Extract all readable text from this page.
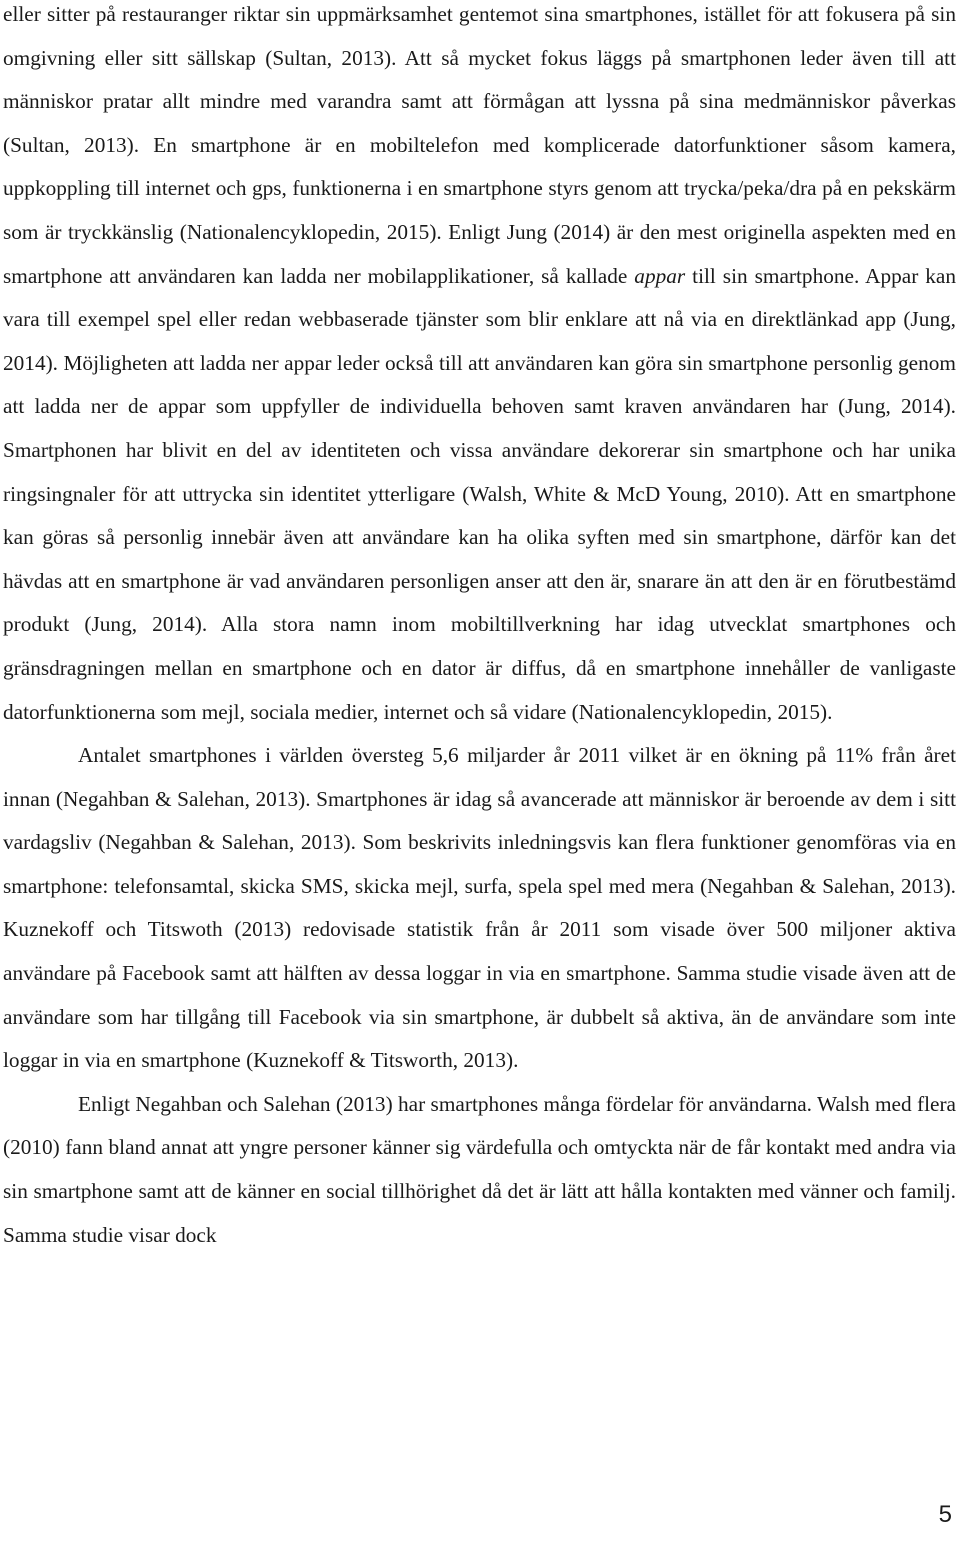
eller sitter på restauranger riktar sin uppmärksamhet gentemot sina smartphones, istället för att fokusera på sin omgivning eller sitt sällskap (Sultan, 2013). Att så mycket fokus läggs på smartphonen leder även till att människor pratar allt mindre med varandra samt att förmågan att lyssna på sina medmänniskor påverkas (Sultan, 2013). En smartphone är en mobiltelefon med komplicerade datorfunktioner såsom kamera, uppkoppling till internet och gps, funktionerna i en smartphone styrs genom att trycka/peka/dra på en pekskärm som är tryckkänslig (Nationalencyklopedin, 2015). Enligt Jung (2014) är den mest originella aspekten med en smartphone att användaren kan ladda ner mobilapplikationer, så kallade appar till sin smartphone. Appar kan vara till exempel spel eller redan webbaserade tjänster som blir enklare att nå via en direktlänkad app (Jung, 2014). Möjligheten att ladda ner appar leder också till att användaren kan göra sin smartphone personlig genom att ladda ner de appar som uppfyller de individuella behoven samt kraven användaren har (Jung, 2014). Smartphonen har blivit en del av identiteten och vissa användare dekorerar sin smartphone och har unika ringsingnaler för att uttrycka sin identitet ytterligare (Walsh, White & McD Young, 2010). Att en smartphone kan göras så personlig innebär även att användare kan ha olika syften med sin smartphone, därför kan det hävdas att en smartphone är vad användaren personligen anser att den är, snarare än att den är en förutbestämd produkt (Jung, 2014). Alla stora namn inom mobiltillverkning har idag utvecklat smartphones och gränsdragningen mellan en smartphone och en dator är diffus, då en smartphone innehåller de vanligaste datorfunktionerna som mejl, sociala medier, internet och så vidare (Nationalencyklopedin, 2015).

Antalet smartphones i världen översteg 5,6 miljarder år 2011 vilket är en ökning på 11% från året innan (Negahban & Salehan, 2013). Smartphones är idag så avancerade att människor är beroende av dem i sitt vardagsliv (Negahban & Salehan, 2013). Som beskrivits inledningsvis kan flera funktioner genomföras via en smartphone: telefonsamtal, skicka SMS, skicka mejl, surfa, spela spel med mera (Negahban & Salehan, 2013). Kuznekoff och Titswoth (2013) redovisade statistik från år 2011 som visade över 500 miljoner aktiva användare på Facebook samt att hälften av dessa loggar in via en smartphone. Samma studie visade även att de användare som har tillgång till Facebook via sin smartphone, är dubbelt så aktiva, än de användare som inte loggar in via en smartphone (Kuznekoff & Titsworth, 2013).

Enligt Negahban och Salehan (2013) har smartphones många fördelar för användarna. Walsh med flera (2010) fann bland annat att yngre personer känner sig värdefulla och omtyckta när de får kontakt med andra via sin smartphone samt att de känner en social tillhörighet då det är lätt att hålla kontakten med vänner och familj. Samma studie visar dock

5
